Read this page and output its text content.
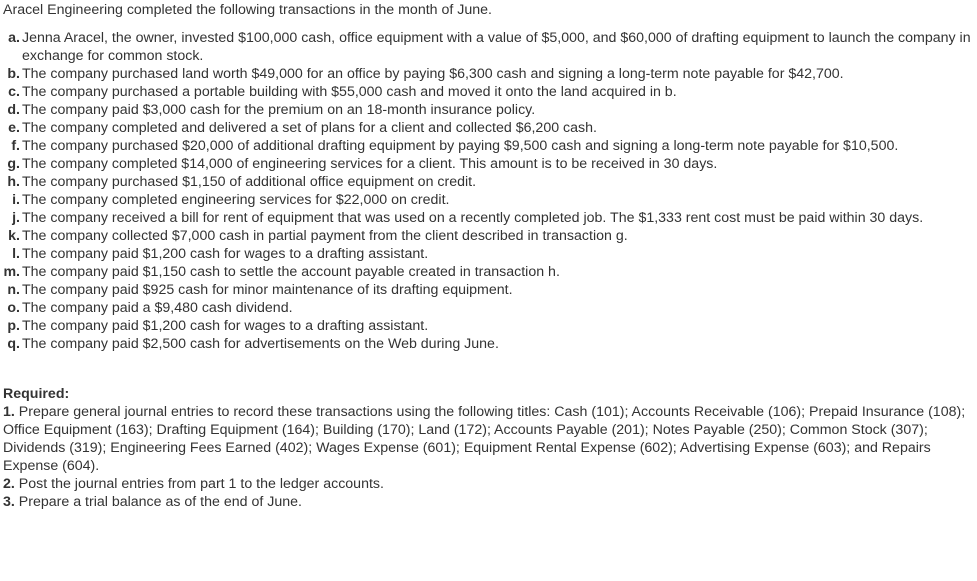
Aracel Engineering completed the following transactions in the month of June.
a. Jenna Aracel, the owner, invested $100,000 cash, office equipment with a value of $5,000, and $60,000 of drafting equipment to launch the company in exchange for common stock.
b. The company purchased land worth $49,000 for an office by paying $6,300 cash and signing a long-term note payable for $42,700.
c. The company purchased a portable building with $55,000 cash and moved it onto the land acquired in b.
d. The company paid $3,000 cash for the premium on an 18-month insurance policy.
e. The company completed and delivered a set of plans for a client and collected $6,200 cash.
f. The company purchased $20,000 of additional drafting equipment by paying $9,500 cash and signing a long-term note payable for $10,500.
g. The company completed $14,000 of engineering services for a client. This amount is to be received in 30 days.
h. The company purchased $1,150 of additional office equipment on credit.
i. The company completed engineering services for $22,000 on credit.
j. The company received a bill for rent of equipment that was used on a recently completed job. The $1,333 rent cost must be paid within 30 days.
k. The company collected $7,000 cash in partial payment from the client described in transaction g.
l. The company paid $1,200 cash for wages to a drafting assistant.
m. The company paid $1,150 cash to settle the account payable created in transaction h.
n. The company paid $925 cash for minor maintenance of its drafting equipment.
o. The company paid a $9,480 cash dividend.
p. The company paid $1,200 cash for wages to a drafting assistant.
q. The company paid $2,500 cash for advertisements on the Web during June.
Required:
1. Prepare general journal entries to record these transactions using the following titles: Cash (101); Accounts Receivable (106); Prepaid Insurance (108); Office Equipment (163); Drafting Equipment (164); Building (170); Land (172); Accounts Payable (201); Notes Payable (250); Common Stock (307); Dividends (319); Engineering Fees Earned (402); Wages Expense (601); Equipment Rental Expense (602); Advertising Expense (603); and Repairs Expense (604).
2. Post the journal entries from part 1 to the ledger accounts.
3. Prepare a trial balance as of the end of June.
